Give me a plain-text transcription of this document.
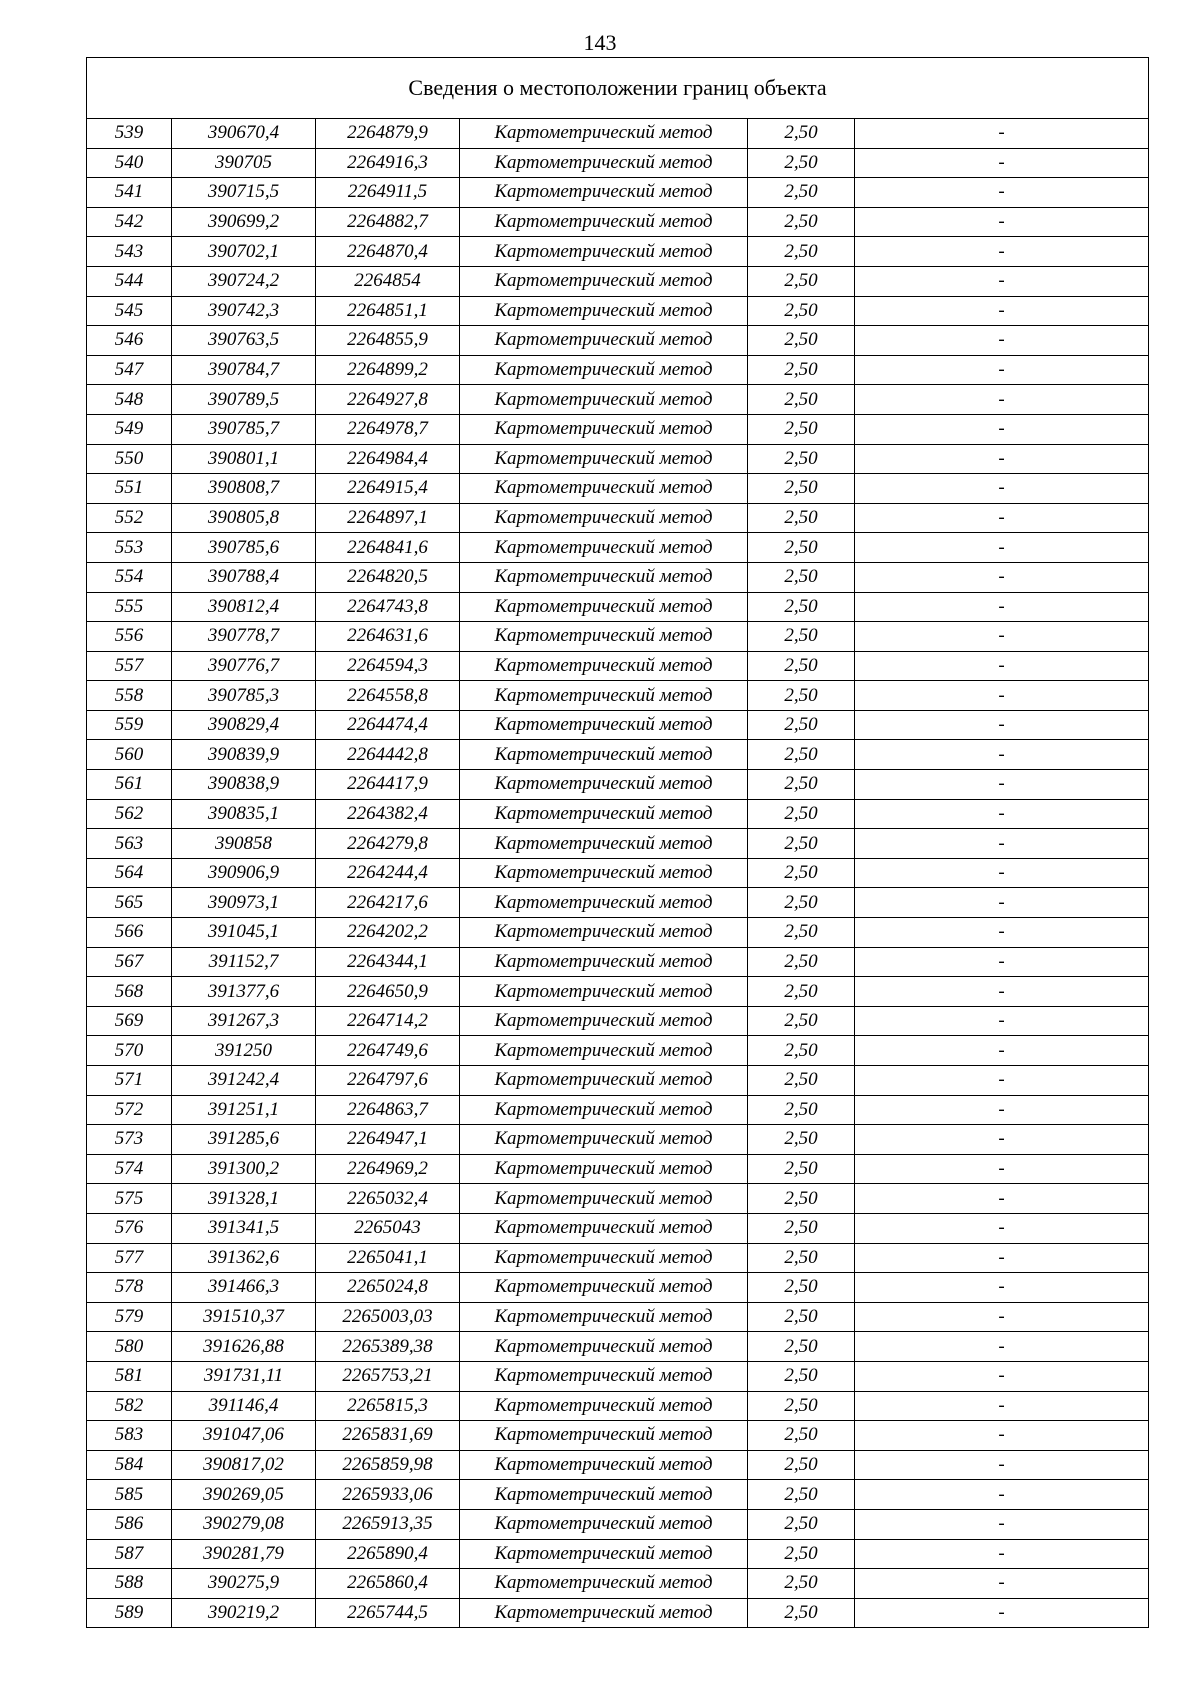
143
Сведения о местоположении границ объекта					
539	390670,4	2264879,9	Картометрический метод	2,50	-
540	390705	2264916,3	Картометрический метод	2,50	-
541	390715,5	2264911,5	Картометрический метод	2,50	-
542	390699,2	2264882,7	Картометрический метод	2,50	-
543	390702,1	2264870,4	Картометрический метод	2,50	-
544	390724,2	2264854	Картометрический метод	2,50	-
545	390742,3	2264851,1	Картометрический метод	2,50	-
546	390763,5	2264855,9	Картометрический метод	2,50	-
547	390784,7	2264899,2	Картометрический метод	2,50	-
548	390789,5	2264927,8	Картометрический метод	2,50	-
549	390785,7	2264978,7	Картометрический метод	2,50	-
550	390801,1	2264984,4	Картометрический метод	2,50	-
551	390808,7	2264915,4	Картометрический метод	2,50	-
552	390805,8	2264897,1	Картометрический метод	2,50	-
553	390785,6	2264841,6	Картометрический метод	2,50	-
554	390788,4	2264820,5	Картометрический метод	2,50	-
555	390812,4	2264743,8	Картометрический метод	2,50	-
556	390778,7	2264631,6	Картометрический метод	2,50	-
557	390776,7	2264594,3	Картометрический метод	2,50	-
558	390785,3	2264558,8	Картометрический метод	2,50	-
559	390829,4	2264474,4	Картометрический метод	2,50	-
560	390839,9	2264442,8	Картометрический метод	2,50	-
561	390838,9	2264417,9	Картометрический метод	2,50	-
562	390835,1	2264382,4	Картометрический метод	2,50	-
563	390858	2264279,8	Картометрический метод	2,50	-
564	390906,9	2264244,4	Картометрический метод	2,50	-
565	390973,1	2264217,6	Картометрический метод	2,50	-
566	391045,1	2264202,2	Картометрический метод	2,50	-
567	391152,7	2264344,1	Картометрический метод	2,50	-
568	391377,6	2264650,9	Картометрический метод	2,50	-
569	391267,3	2264714,2	Картометрический метод	2,50	-
570	391250	2264749,6	Картометрический метод	2,50	-
571	391242,4	2264797,6	Картометрический метод	2,50	-
572	391251,1	2264863,7	Картометрический метод	2,50	-
573	391285,6	2264947,1	Картометрический метод	2,50	-
574	391300,2	2264969,2	Картометрический метод	2,50	-
575	391328,1	2265032,4	Картометрический метод	2,50	-
576	391341,5	2265043	Картометрический метод	2,50	-
577	391362,6	2265041,1	Картометрический метод	2,50	-
578	391466,3	2265024,8	Картометрический метод	2,50	-
579	391510,37	2265003,03	Картометрический метод	2,50	-
580	391626,88	2265389,38	Картометрический метод	2,50	-
581	391731,11	2265753,21	Картометрический метод	2,50	-
582	391146,4	2265815,3	Картометрический метод	2,50	-
583	391047,06	2265831,69	Картометрический метод	2,50	-
584	390817,02	2265859,98	Картометрический метод	2,50	-
585	390269,05	2265933,06	Картометрический метод	2,50	-
586	390279,08	2265913,35	Картометрический метод	2,50	-
587	390281,79	2265890,4	Картометрический метод	2,50	-
588	390275,9	2265860,4	Картометрический метод	2,50	-
589	390219,2	2265744,5	Картометрический метод	2,50	-
